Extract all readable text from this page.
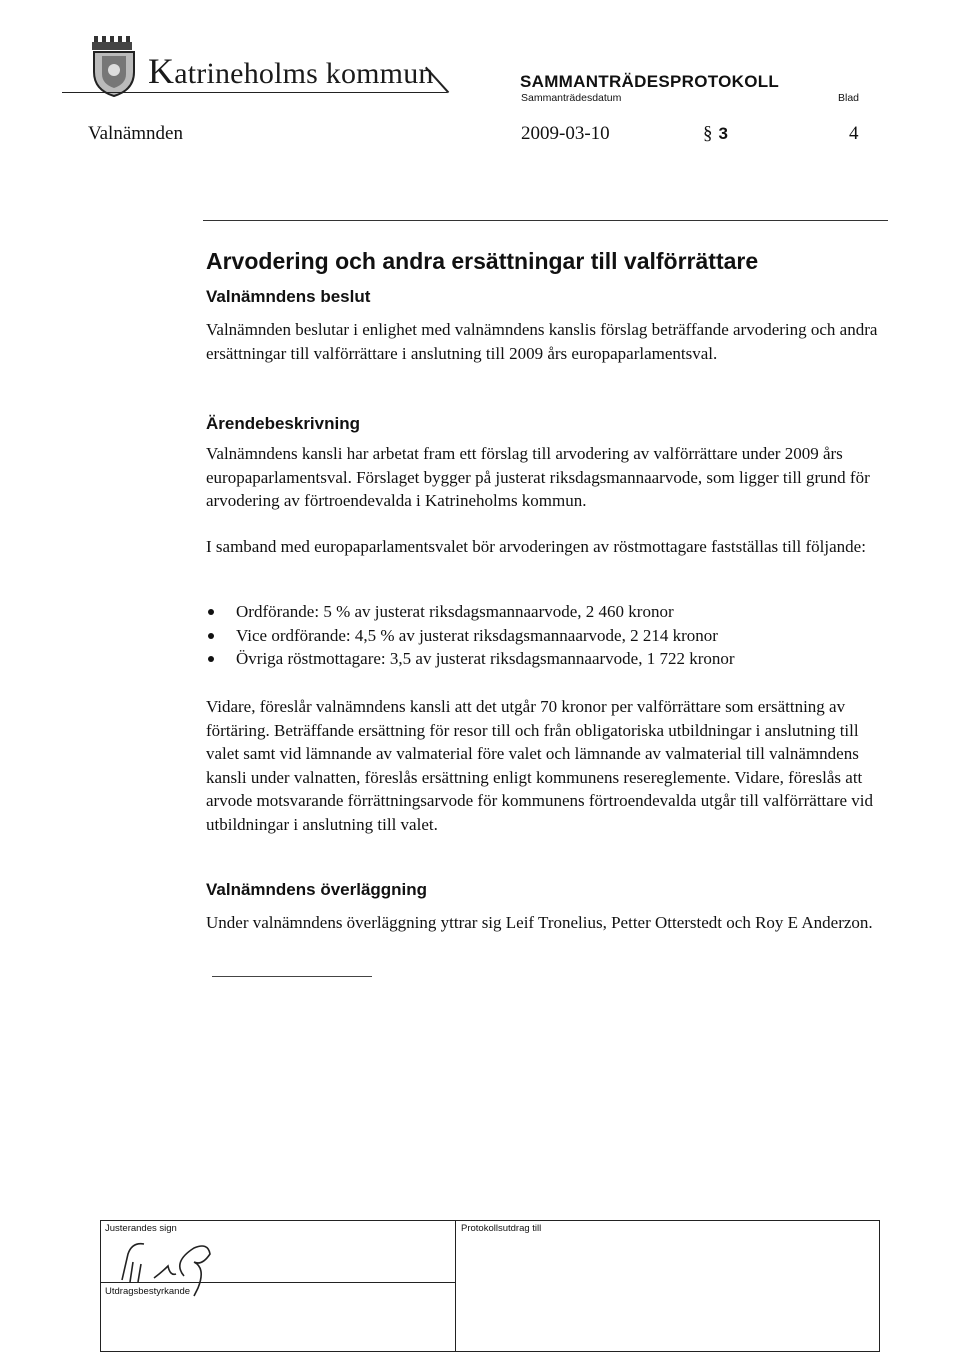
Katrineholms kommun	SAMMANTRÄDESPROTOKOLL
Sammanträdesdatum	Blad
Valnämnden	2009-03-10	§ 3	4
Arvodering och andra ersättningar till valförrättare
Valnämndens beslut

Valnämnden beslutar i enlighet med valnämndens kanslis förslag beträffande arvodering och andra ersättningar till valförrättare i anslutning till 2009 års europaparlamentsval.

Ärendebeskrivning

Valnämndens kansli har arbetat fram ett förslag till arvodering av valförrättare under 2009 års europaparlamentsval. Förslaget bygger på justerat riksdagsmannaarvode, som ligger till grund för arvodering av förtroendevalda i Katrineholms kommun.

I samband med europaparlamentsvalet bör arvoderingen av röstmottagare fastställas till följande:

Ordförande: 5 % av justerat riksdagsmannaarvode, 2 460 kronor
Vice ordförande: 4,5 % av justerat riksdagsmannaarvode, 2 214 kronor
Övriga röstmottagare: 3,5 av justerat riksdagsmannaarvode, 1 722 kronor

Vidare, föreslår valnämndens kansli att det utgår 70 kronor per valförrättare som ersättning av förtäring. Beträffande ersättning för resor till och från obligatoriska utbildningar i anslutning till valet samt vid lämnande av valmaterial före valet och lämnande av valmaterial till valnämndens kansli under valnatten, föreslås ersättning enligt kommunens resereglemente. Vidare, föreslås att arvode motsvarande förrättningsarvode för kommunens förtroendevalda utgår till valförrättare vid utbildningar i anslutning till valet.

Valnämndens överläggning

Under valnämndens överläggning yttrar sig Leif Tronelius, Petter Otterstedt och Roy E Anderzon.

Justerandes sign	Protokollsutdrag till
Utdragsbestyrkande
